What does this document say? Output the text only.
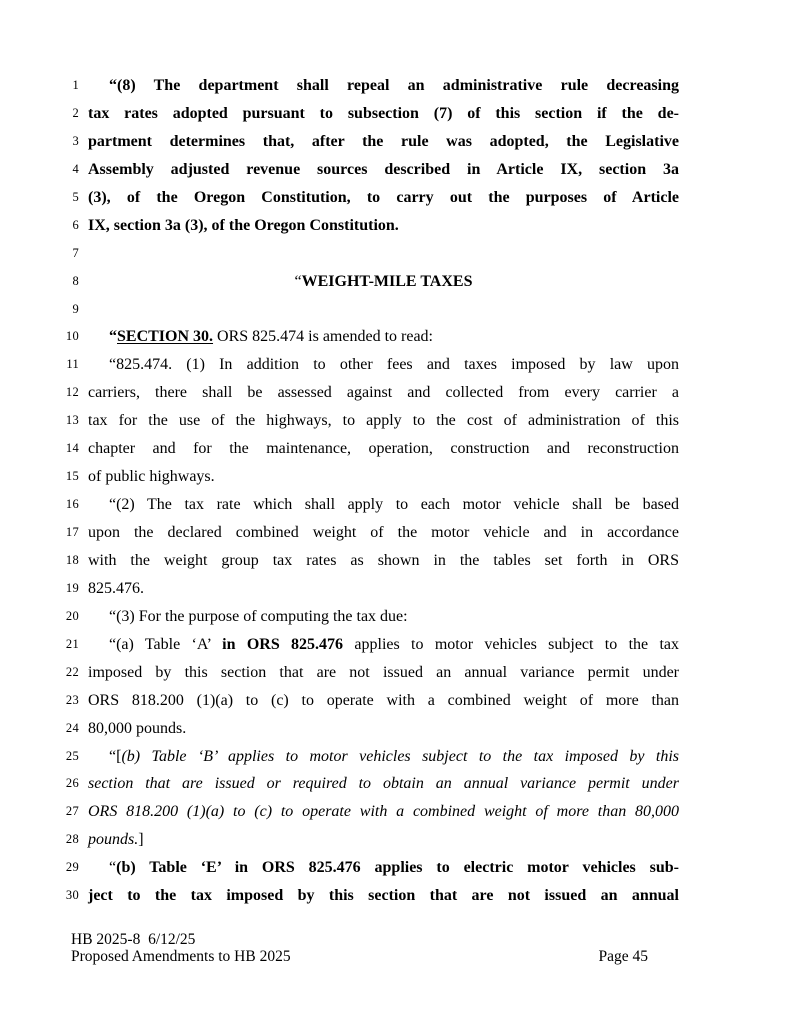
1	“(8) The department shall repeal an administrative rule decreasing
2 tax rates adopted pursuant to subsection (7) of this section if the de-
3 partment determines that, after the rule was adopted, the Legislative
4 Assembly adjusted revenue sources described in Article IX, section 3a
5 (3), of the Oregon Constitution, to carry out the purposes of Article
6 IX, section 3a (3), of the Oregon Constitution.
7
8	“WEIGHT-MILE TAXES
9
10	“SECTION 30. ORS 825.474 is amended to read:
11	“825.474. (1) In addition to other fees and taxes imposed by law upon
12 carriers, there shall be assessed against and collected from every carrier a
13 tax for the use of the highways, to apply to the cost of administration of this
14 chapter and for the maintenance, operation, construction and reconstruction
15 of public highways.
16	“(2) The tax rate which shall apply to each motor vehicle shall be based
17 upon the declared combined weight of the motor vehicle and in accordance
18 with the weight group tax rates as shown in the tables set forth in ORS
19 825.476.
20	“(3) For the purpose of computing the tax due:
21	“(a) Table ‘A’ in ORS 825.476 applies to motor vehicles subject to the tax
22 imposed by this section that are not issued an annual variance permit under
23 ORS 818.200 (1)(a) to (c) to operate with a combined weight of more than
24 80,000 pounds.
25	“[(b) Table ‘B’ applies to motor vehicles subject to the tax imposed by this
26 section that are issued or required to obtain an annual variance permit under
27 ORS 818.200 (1)(a) to (c) to operate with a combined weight of more than 80,000
28 pounds.]
29	“(b) Table ‘E’ in ORS 825.476 applies to electric motor vehicles sub-
30 ject to the tax imposed by this section that are not issued an annual
HB 2025-8  6/12/25
Proposed Amendments to HB 2025	Page 45
